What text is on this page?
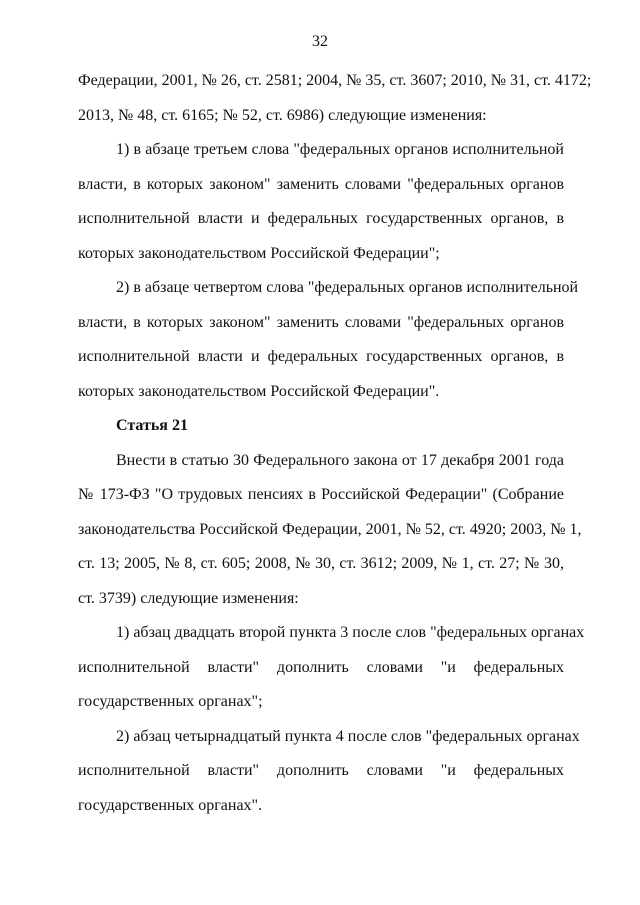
32
Федерации, 2001, № 26, ст. 2581; 2004, № 35, ст. 3607; 2010, № 31, ст. 4172;
2013, № 48, ст. 6165; № 52, ст. 6986) следующие изменения:
1) в абзаце третьем слова "федеральных органов исполнительной
власти, в которых законом" заменить словами "федеральных органов
исполнительной власти и федеральных государственных органов, в
которых законодательством Российской Федерации";
2) в абзаце четвертом слова "федеральных органов исполнительной
власти, в которых законом" заменить словами "федеральных органов
исполнительной власти и федеральных государственных органов, в
которых законодательством Российской Федерации".
Статья 21
Внести в статью 30 Федерального закона от 17 декабря 2001 года
№ 173-ФЗ "О трудовых пенсиях в Российской Федерации" (Собрание
законодательства Российской Федерации, 2001, № 52, ст. 4920; 2003, № 1,
ст. 13; 2005, № 8, ст. 605; 2008, № 30, ст. 3612; 2009, № 1, ст. 27; № 30,
ст. 3739) следующие изменения:
1) абзац двадцать второй пункта 3 после слов "федеральных органах
исполнительной власти" дополнить словами "и федеральных
государственных органах";
2) абзац четырнадцатый пункта 4 после слов "федеральных органах
исполнительной власти" дополнить словами "и федеральных
государственных органах".
